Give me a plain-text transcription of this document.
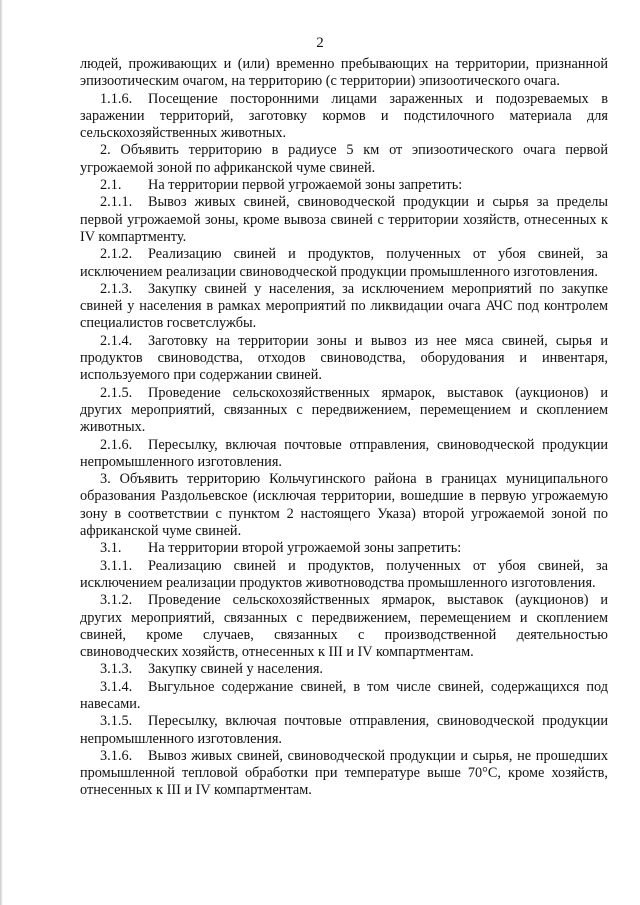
2

людей, проживающих и (или) временно пребывающих на территории, признанной эпизоотическим очагом, на территорию (с территории) эпизоотического очага.

1.1.6. Посещение посторонними лицами зараженных и подозреваемых в заражении территорий, заготовку кормов и подстилочного материала для сельскохозяйственных животных.

2. Объявить территорию в радиусе 5 км от эпизоотического очага первой угрожаемой зоной по африканской чуме свиней.

2.1. На территории первой угрожаемой зоны запретить:

2.1.1. Вывоз живых свиней, свиноводческой продукции и сырья за пределы первой угрожаемой зоны, кроме вывоза свиней с территории хозяйств, отнесенных к IV компартменту.

2.1.2. Реализацию свиней и продуктов, полученных от убоя свиней, за исключением реализации свиноводческой продукции промышленного изготовления.

2.1.3. Закупку свиней у населения, за исключением мероприятий по закупке свиней у населения в рамках мероприятий по ликвидации очага АЧС под контролем специалистов госветслужбы.

2.1.4. Заготовку на территории зоны и вывоз из нее мяса свиней, сырья и продуктов свиноводства, отходов свиноводства, оборудования и инвентаря, используемого при содержании свиней.

2.1.5. Проведение сельскохозяйственных ярмарок, выставок (аукционов) и других мероприятий, связанных с передвижением, перемещением и скоплением животных.

2.1.6. Пересылку, включая почтовые отправления, свиноводческой продукции непромышленного изготовления.

3. Объявить территорию Кольчугинского района в границах муниципального образования Раздольевское (исключая территории, вошедшие в первую угрожаемую зону в соответствии с пунктом 2 настоящего Указа) второй угрожаемой зоной по африканской чуме свиней.

3.1. На территории второй угрожаемой зоны запретить:

3.1.1. Реализацию свиней и продуктов, полученных от убоя свиней, за исключением реализации продуктов животноводства промышленного изготовления.

3.1.2. Проведение сельскохозяйственных ярмарок, выставок (аукционов) и других мероприятий, связанных с передвижением, перемещением и скоплением свиней, кроме случаев, связанных с производственной деятельностью свиноводческих хозяйств, отнесенных к III и IV компартментам.

3.1.3. Закупку свиней у населения.

3.1.4. Выгульное содержание свиней, в том числе свиней, содержащихся под навесами.

3.1.5. Пересылку, включая почтовые отправления, свиноводческой продукции непромышленного изготовления.

3.1.6. Вывоз живых свиней, свиноводческой продукции и сырья, не прошедших промышленной тепловой обработки при температуре выше 70°С, кроме хозяйств, отнесенных к III и IV компартментам.
